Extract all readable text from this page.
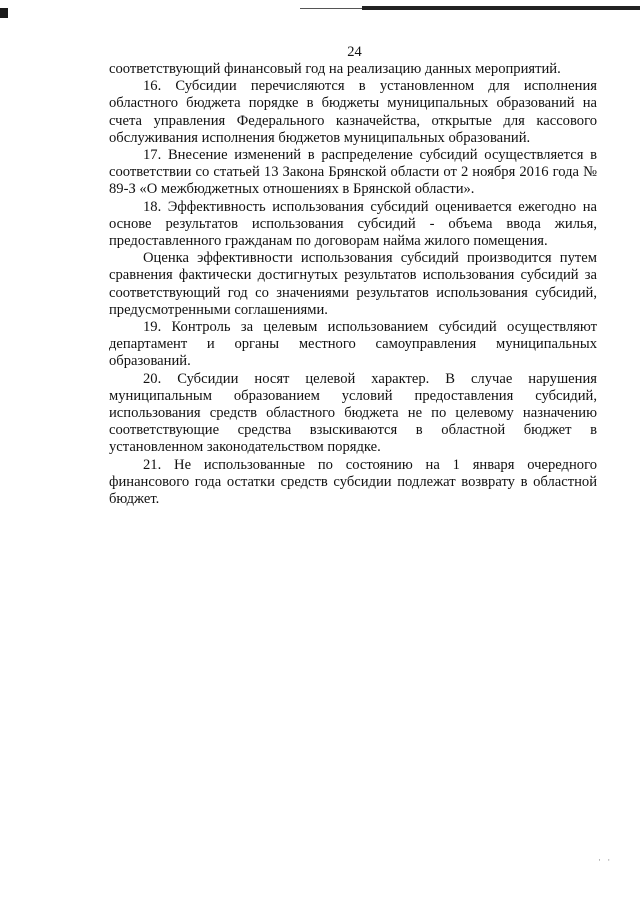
24

соответствующий финансовый год на реализацию данных мероприятий.

16. Субсидии перечисляются в установленном для исполнения областного бюджета порядке в бюджеты муниципальных образований на счета управления Федерального казначейства, открытые для кассового обслуживания исполнения бюджетов муниципальных образований.

17. Внесение изменений в распределение субсидий осуществляется в соответствии со статьей 13 Закона Брянской области от 2 ноября 2016 года № 89-З «О межбюджетных отношениях в Брянской области».

18. Эффективность использования субсидий оценивается ежегодно на основе результатов использования субсидий - объема ввода жилья, предоставленного гражданам по договорам найма жилого помещения.

Оценка эффективности использования субсидий производится путем сравнения фактически достигнутых результатов использования субсидий за соответствующий год со значениями результатов использования субсидий, предусмотренными соглашениями.

19. Контроль за целевым использованием субсидий осуществляют департамент и органы местного самоуправления муниципальных образований.

20. Субсидии носят целевой характер. В случае нарушения муниципальным образованием условий предоставления субсидий, использования средств областного бюджета не по целевому назначению соответствующие средства взыскиваются в областной бюджет в установленном законодательством порядке.

21. Не использованные по состоянию на 1 января очередного финансового года остатки средств субсидии подлежат возврату в областной бюджет.

· ·
